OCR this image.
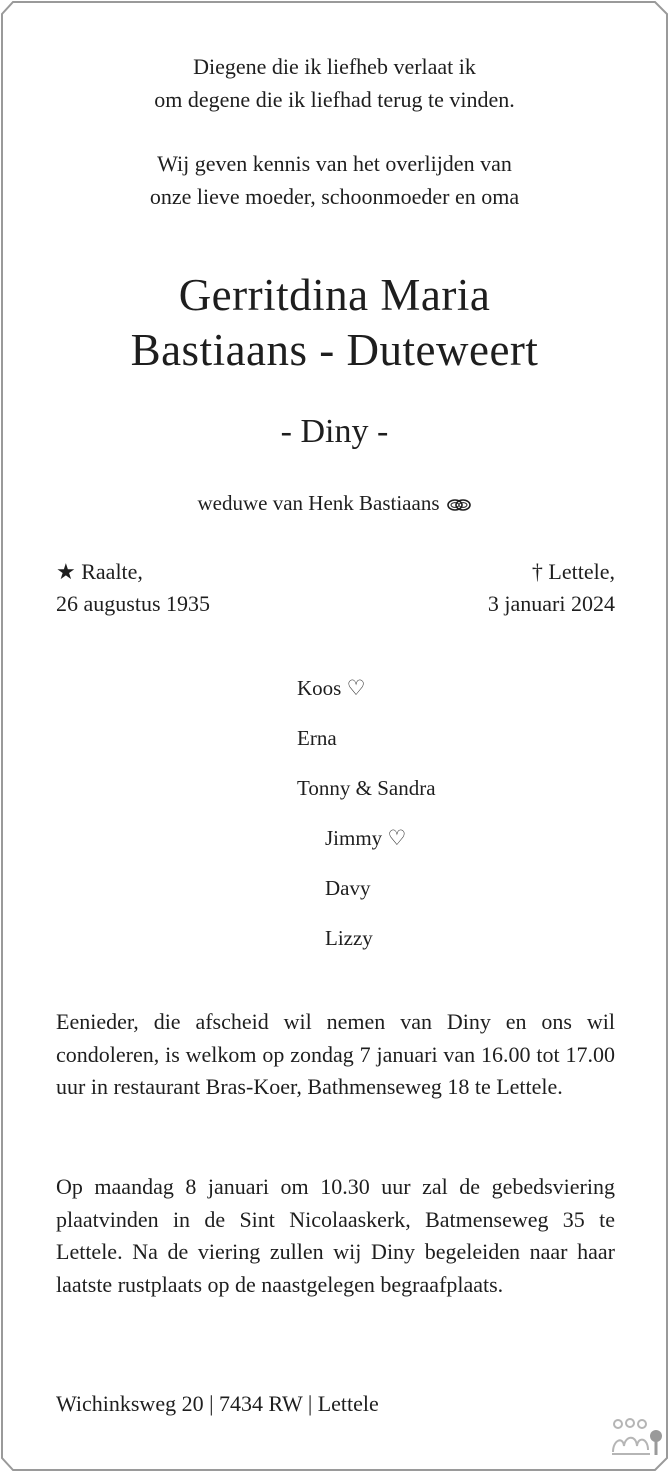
Diegene die ik liefheb verlaat ik
om degene die ik liefhad terug te vinden.
Wij geven kennis van het overlijden van
onze lieve moeder, schoonmoeder en oma
Gerritdina Maria
Bastiaans - Duteweert
- Diny -
weduwe van Henk Bastiaans
★ Raalte,
26 augustus 1935
† Lettele,
3 januari 2024
Koos ♡
Erna
Tonny & Sandra
Jimmy ♡
Davy
Lizzy
Eenieder, die afscheid wil nemen van Diny en ons wil condoleren, is welkom op zondag 7 januari van 16.00 tot 17.00 uur in restaurant Bras-Koer, Bathmenseweg 18 te Lettele.
Op maandag 8 januari om 10.30 uur zal de gebedsviering plaatvinden in de Sint Nicolaaskerk, Batmenseweg 35 te Lettele. Na de viering zullen wij Diny begeleiden naar haar laatste rustplaats op de naastgelegen begraafplaats.
Wichinksweg 20 | 7434 RW | Lettele
